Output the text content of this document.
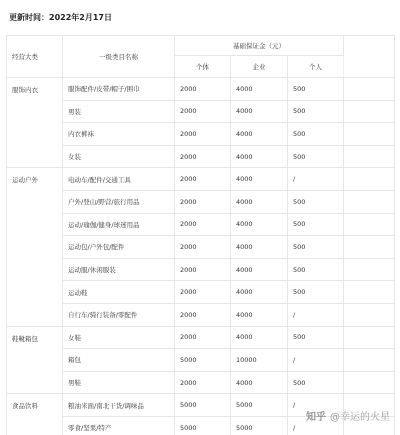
更新时间：2022年2月17日
经营大类	一级类目名称	基础保证金（元）			
		个体	企业	个人	
服饰内衣	服饰配件/皮带/帽子/围巾	2000	4000	500	
	男装	2000	4000	500	
	内衣裤袜	2000	4000	500	
	女装	2000	4000	500	
运动户外	电动车/配件/交通工具	2000	4000	/	
	户外/登山/野营/旅行用品	2000	4000	500	
	运动/瑜伽/健身/球迷用品	2000	4000	500	
	运动包/户外包/配件	2000	4000	500	
	运动服/休闲服装	2000	4000	500	
	运动鞋	2000	4000	500	
	自行车/骑行装备/零配件	2000	4000	/	
鞋靴箱包	女鞋	2000	4000	500	
	箱包	5000	10000	/	
	男鞋	2000	4000	500	
食品饮料	粮油米面/南北干货/调味品	5000	5000	/	
	零食/坚果/特产	5000	5000	/	
知乎 @幸运的火星
